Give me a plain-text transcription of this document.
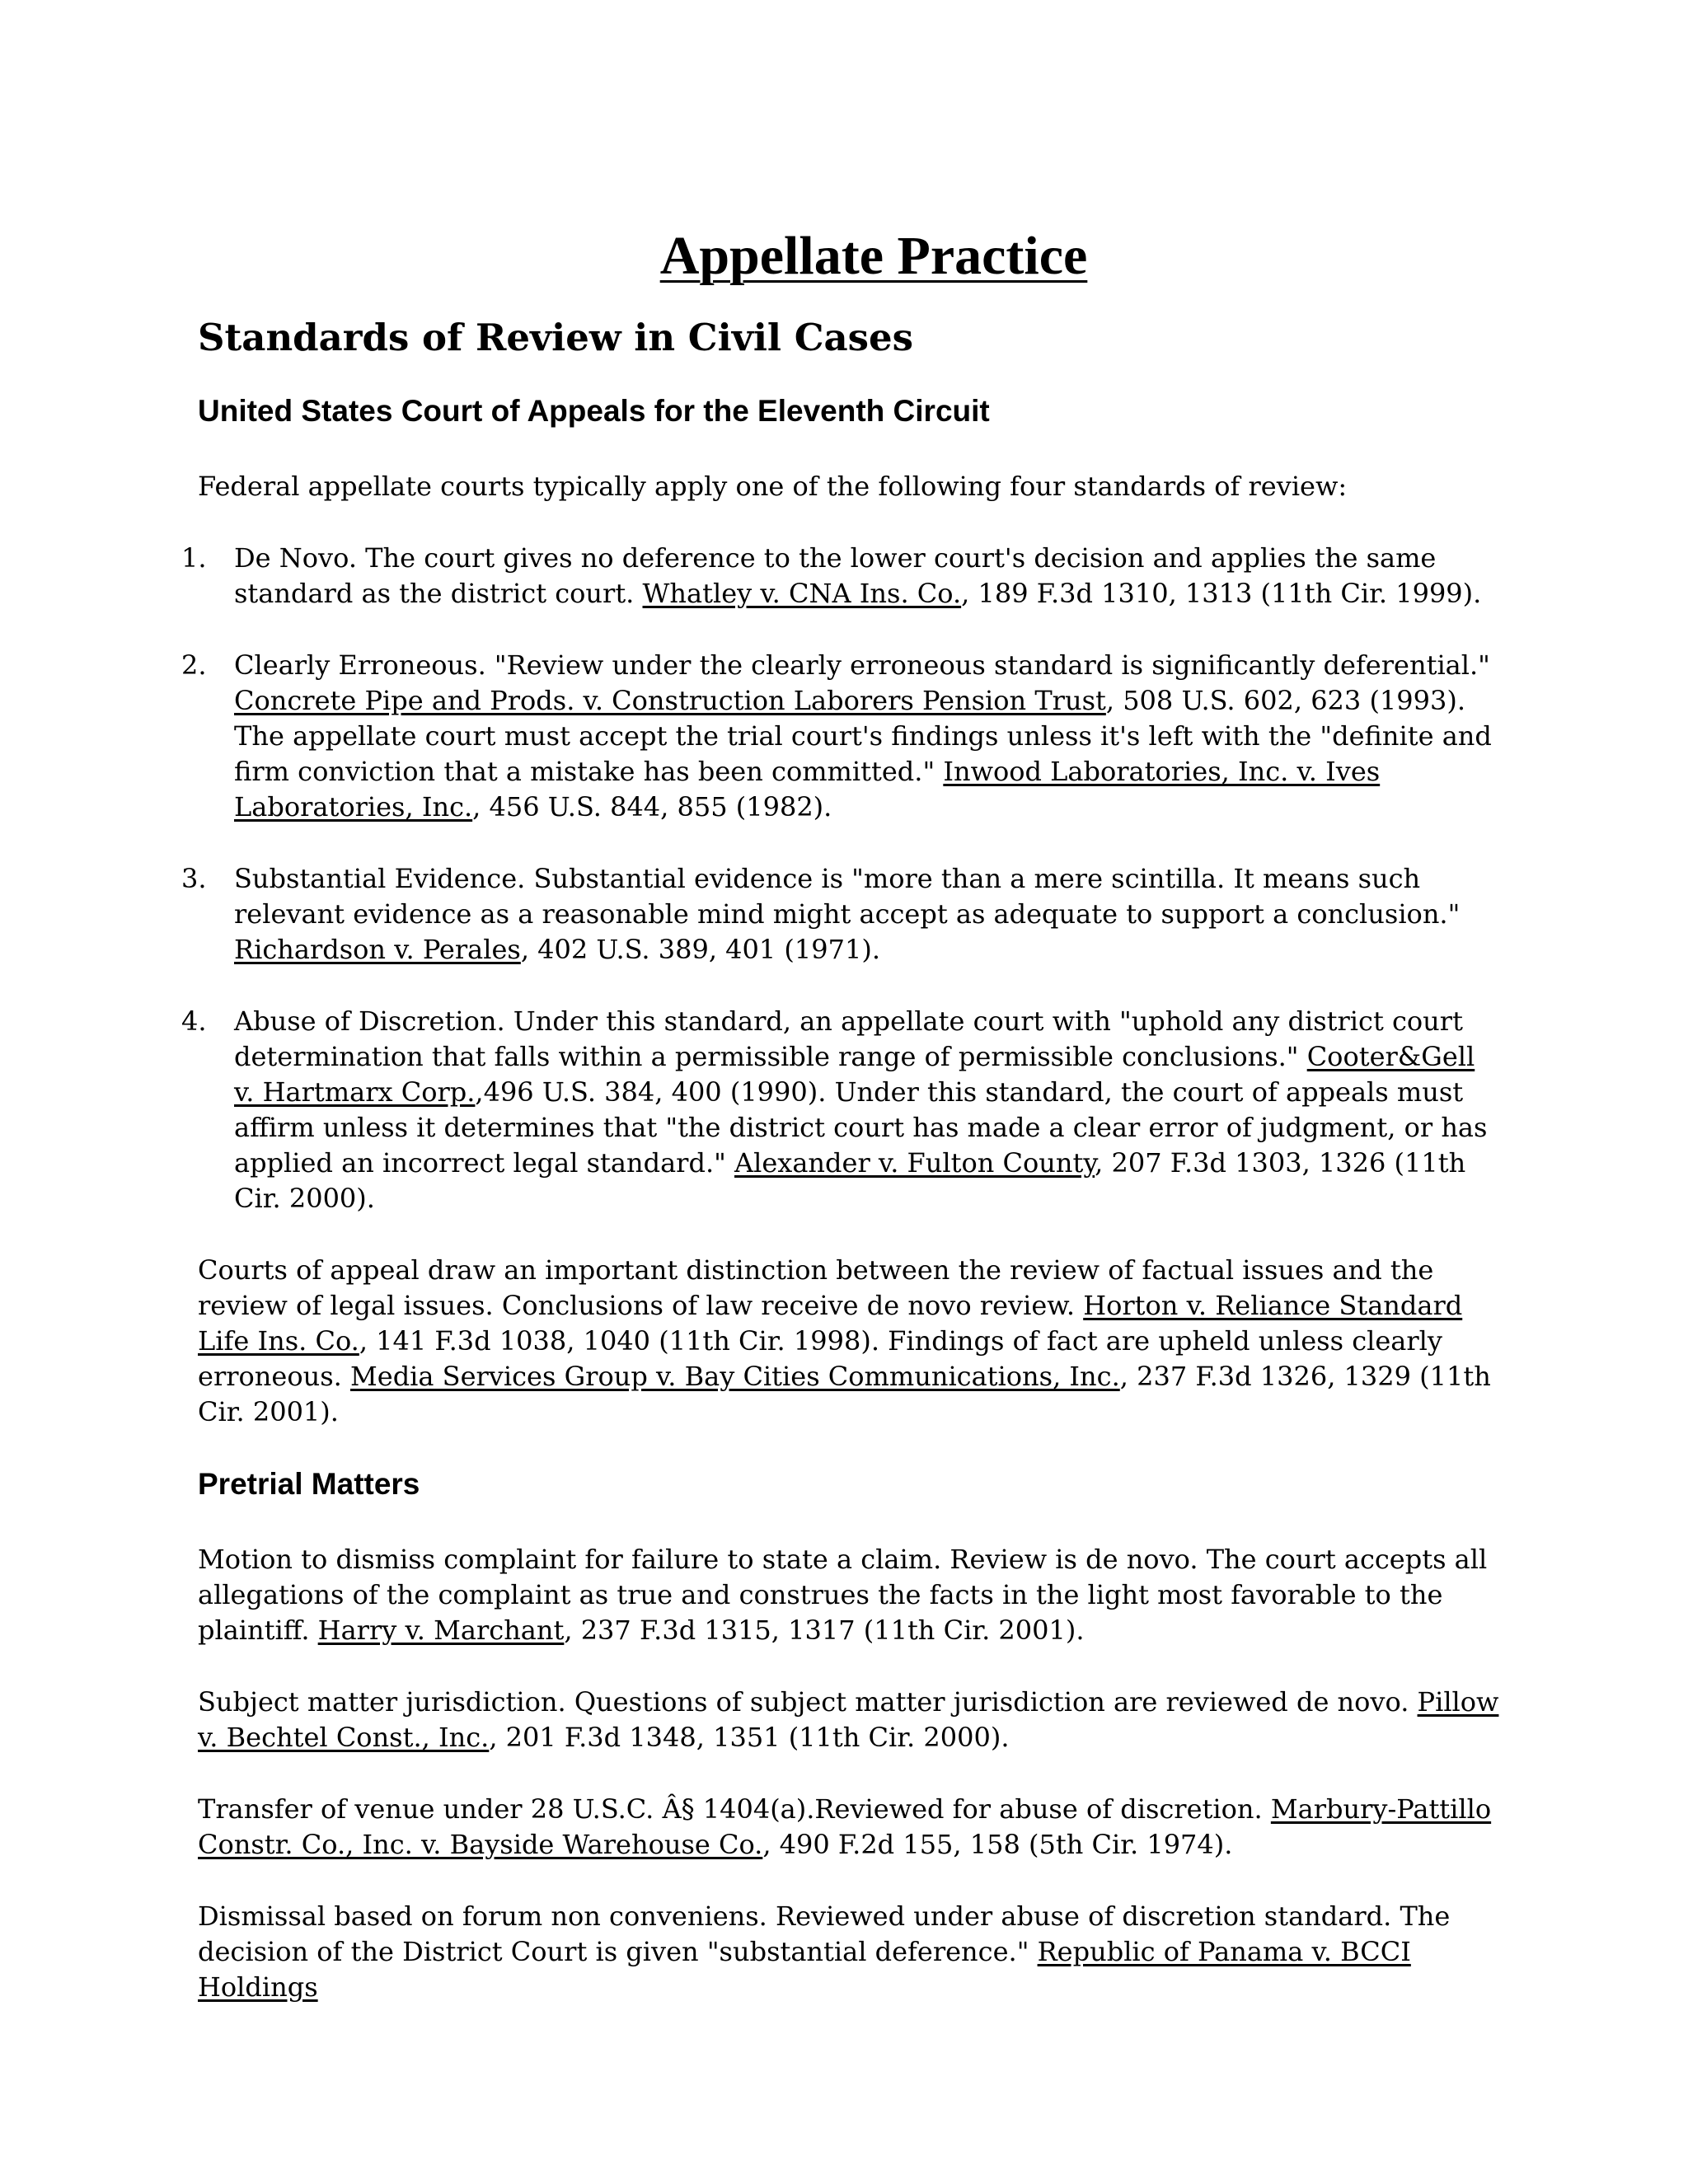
Appellate Practice
Standards of Review in Civil Cases
United States Court of Appeals for the Eleventh Circuit

Federal appellate courts typically apply one of the following four standards of review:

1. De Novo. The court gives no deference to the lower court's decision and applies the same standard as the district court. Whatley v. CNA Ins. Co., 189 F.3d 1310, 1313 (11th Cir. 1999).
2. Clearly Erroneous. "Review under the clearly erroneous standard is significantly deferential." Concrete Pipe and Prods. v. Construction Laborers Pension Trust, 508 U.S. 602, 623 (1993). The appellate court must accept the trial court's findings unless it's left with the "definite and firm conviction that a mistake has been committed." Inwood Laboratories, Inc. v. Ives Laboratories, Inc., 456 U.S. 844, 855 (1982).
3. Substantial Evidence. Substantial evidence is "more than a mere scintilla. It means such relevant evidence as a reasonable mind might accept as adequate to support a conclusion." Richardson v. Perales, 402 U.S. 389, 401 (1971).
4. Abuse of Discretion. Under this standard, an appellate court with "uphold any district court determination that falls within a permissible range of permissible conclusions." Cooter&Gell v. Hartmarx Corp.,496 U.S. 384, 400 (1990). Under this standard, the court of appeals must affirm unless it determines that "the district court has made a clear error of judgment, or has applied an incorrect legal standard." Alexander v. Fulton County, 207 F.3d 1303, 1326 (11th Cir. 2000).

Courts of appeal draw an important distinction between the review of factual issues and the review of legal issues. Conclusions of law receive de novo review. Horton v. Reliance Standard Life Ins. Co., 141 F.3d 1038, 1040 (11th Cir. 1998). Findings of fact are upheld unless clearly erroneous. Media Services Group v. Bay Cities Communications, Inc., 237 F.3d 1326, 1329 (11th Cir. 2001).

Pretrial Matters

Motion to dismiss complaint for failure to state a claim. Review is de novo. The court accepts all allegations of the complaint as true and construes the facts in the light most favorable to the plaintiff. Harry v. Marchant, 237 F.3d 1315, 1317 (11th Cir. 2001).

Subject matter jurisdiction. Questions of subject matter jurisdiction are reviewed de novo. Pillow v. Bechtel Const., Inc., 201 F.3d 1348, 1351 (11th Cir. 2000).

Transfer of venue under 28 U.S.C. Â§ 1404(a).Reviewed for abuse of discretion. Marbury-Pattillo Constr. Co., Inc. v. Bayside Warehouse Co., 490 F.2d 155, 158 (5th Cir. 1974).

Dismissal based on forum non conveniens. Reviewed under abuse of discretion standard. The decision of the District Court is given "substantial deference." Republic of Panama v. BCCI Holdings
